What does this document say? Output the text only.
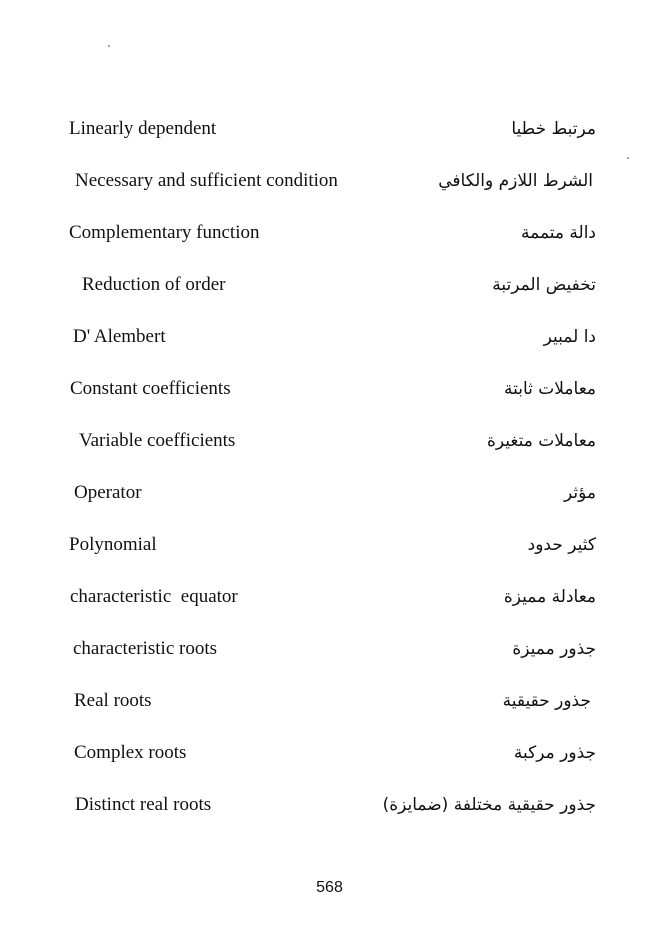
Linearly dependent	مرتبط خطيا
Necessary and sufficient condition	الشرط اللازم والكافي
Complementary function	دالة متممة
Reduction of order	تخفيض المرتبة
D' Alembert	دا لمبير
Constant coefficients	معاملات ثابتة
Variable coefficients	معاملات متغيرة
Operator	مؤثر
Polynomial	كثير حدود
characteristic  equator	معادلة مميزة
characteristic roots	جذور مميزة
Real roots	جذور حقيقية
Complex roots	جذور مركبة
Distinct real roots	جذور حقيقية مختلفة (ضمايزة)
568
